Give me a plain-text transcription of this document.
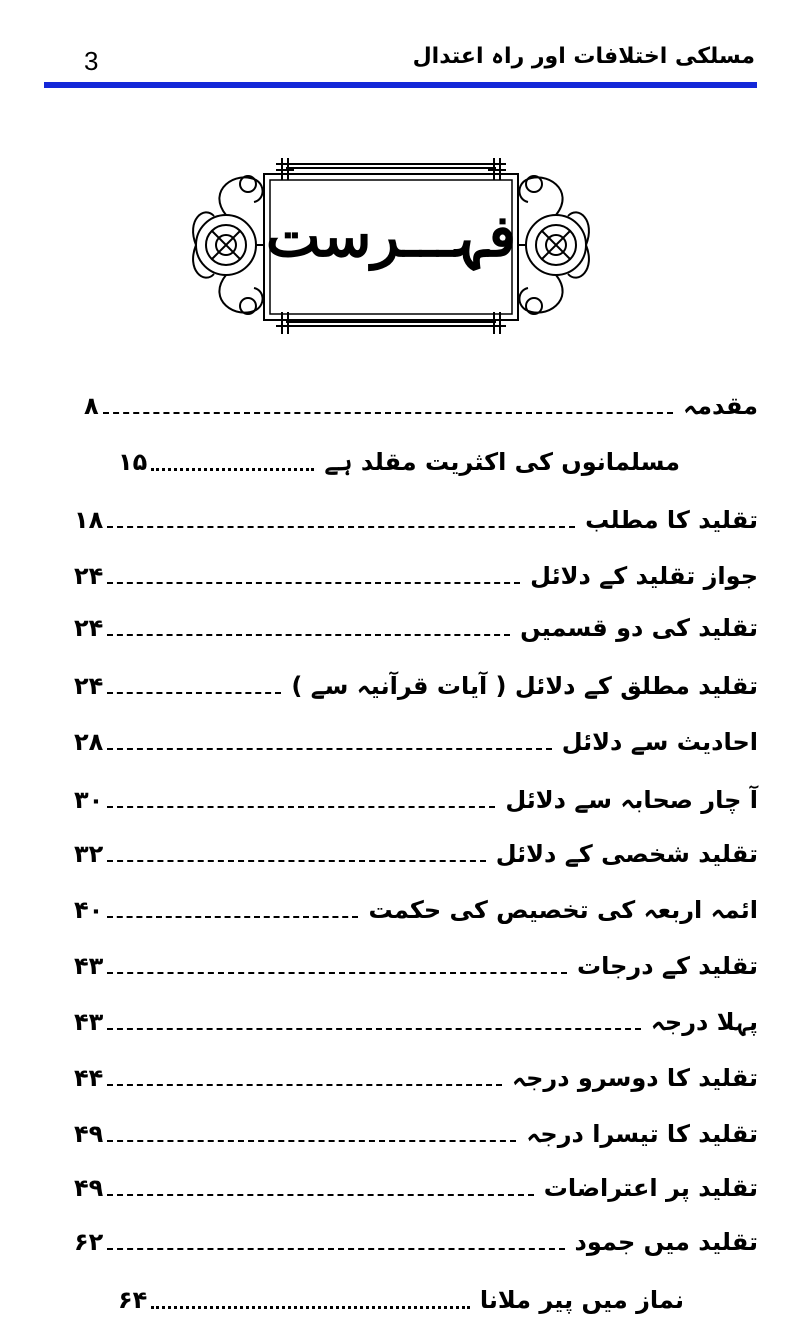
3	مسلکی اختلافات اور راہ اعتدال
فہـــرست
مقدمہ
۸
مسلمانوں کی اکثریت مقلد ہے
۱۵
تقلید کا مطلب
۱۸
جواز تقلید کے دلائل
۲۴
تقلید کی دو قسمیں
۲۴
تقلید مطلق کے دلائل ( آیات قرآنیہ سے )
۲۴
احادیث سے دلائل
۲۸
آ چار صحابہ سے دلائل
۳۰
تقلید شخصی کے دلائل
۳۲
ائمہ اربعہ کی تخصیص کی حکمت
۴۰
تقلید کے درجات
۴۳
پہلا درجہ
۴۳
تقلید کا دوسرو درجہ
۴۴
تقلید کا تیسرا درجہ
۴۹
تقلید پر اعتراضات
۴۹
تقلید میں جمود
۶۲
نماز میں پیر ملانا
۶۴
